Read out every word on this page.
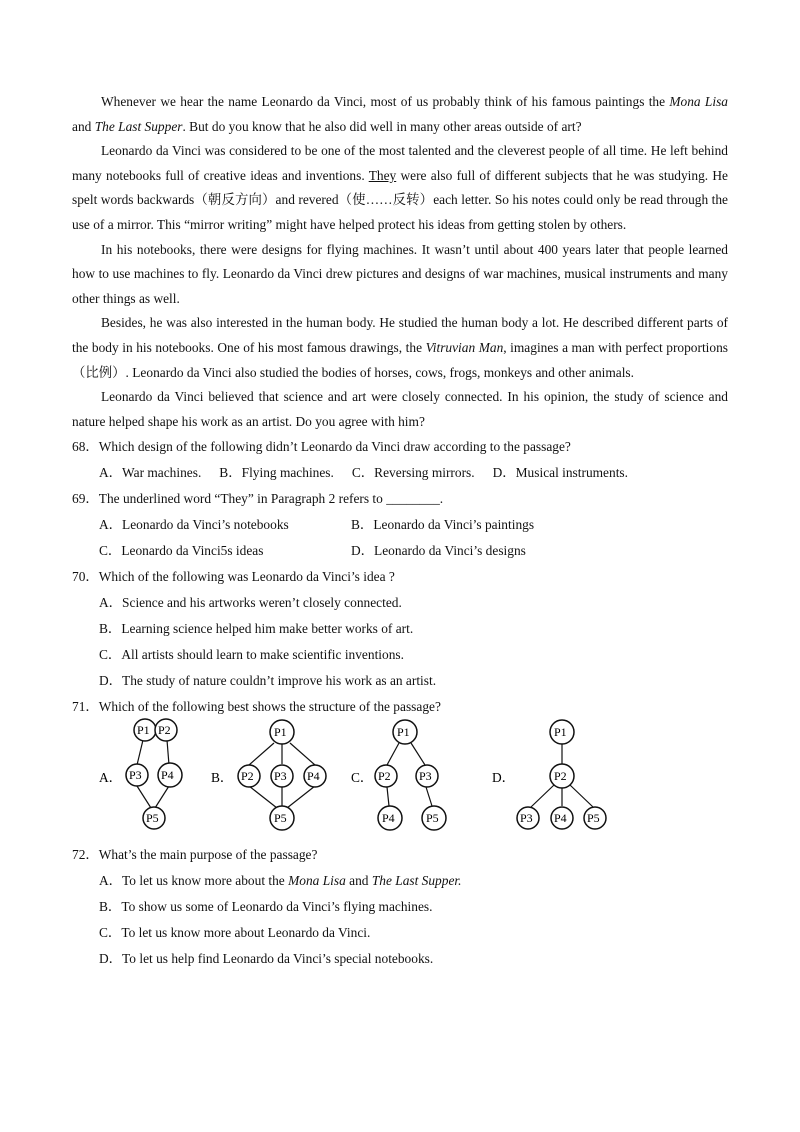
Whenever we hear the name Leonardo da Vinci, most of us probably think of his famous paintings the Mona Lisa and The Last Supper. But do you know that he also did well in many other areas outside of art?

Leonardo da Vinci was considered to be one of the most talented and the cleverest people of all time. He left behind many notebooks full of creative ideas and inventions. They were also full of different subjects that he was studying. He spelt words backwards（朝反方向）and revered（使……反转）each letter. So his notes could only be read through the use of a mirror. This “mirror writing” might have helped protect his ideas from getting stolen by others.

In his notebooks, there were designs for flying machines. It wasn’t until about 400 years later that people learned how to use machines to fly. Leonardo da Vinci drew pictures and designs of war machines, musical instruments and many other things as well.

Besides, he was also interested in the human body. He studied the human body a lot. He described different parts of the body in his notebooks. One of his most famous drawings, the Vitruvian Man, imagines a man with perfect proportions（比例）. Leonardo da Vinci also studied the bodies of horses, cows, frogs, monkeys and other animals.

Leonardo da Vinci believed that science and art were closely connected. In his opinion, the study of science and nature helped shape his work as an artist. Do you agree with him?

68．Which design of the following didn’t Leonardo da Vinci draw according to the passage?

A．War machines. B．Flying machines. C．Reversing mirrors. D．Musical instruments.

69．The underlined word “They” in Paragraph 2 refers to ________.

A．Leonardo da Vinci’s notebooks	B．Leonardo da Vinci’s paintings
C．Leonardo da Vinci5s ideas	D．Leonardo da Vinci’s designs

70．Which of the following was Leonardo da Vinci’s idea ?

A．Science and his artworks weren’t closely connected.

B．Learning science helped him make better works of art.

C．All artists should learn to make scientific inventions.

D．The study of nature couldn’t improve his work as an artist.

71．Which of the following best shows the structure of the passage?

A．	B．	C．	D．
P1 P2
P3 P4
P5
P1
P2 P3 P4
P5
P1
P2 P3
P4	P5
P1
P2
P3 P4 P5

72．What’s the main purpose of the passage?

A．To let us know more about the Mona Lisa and The Last Supper.

B．To show us some of Leonardo da Vinci’s flying machines.

C．To let us know more about Leonardo da Vinci.

D．To let us help find Leonardo da Vinci’s special notebooks.
